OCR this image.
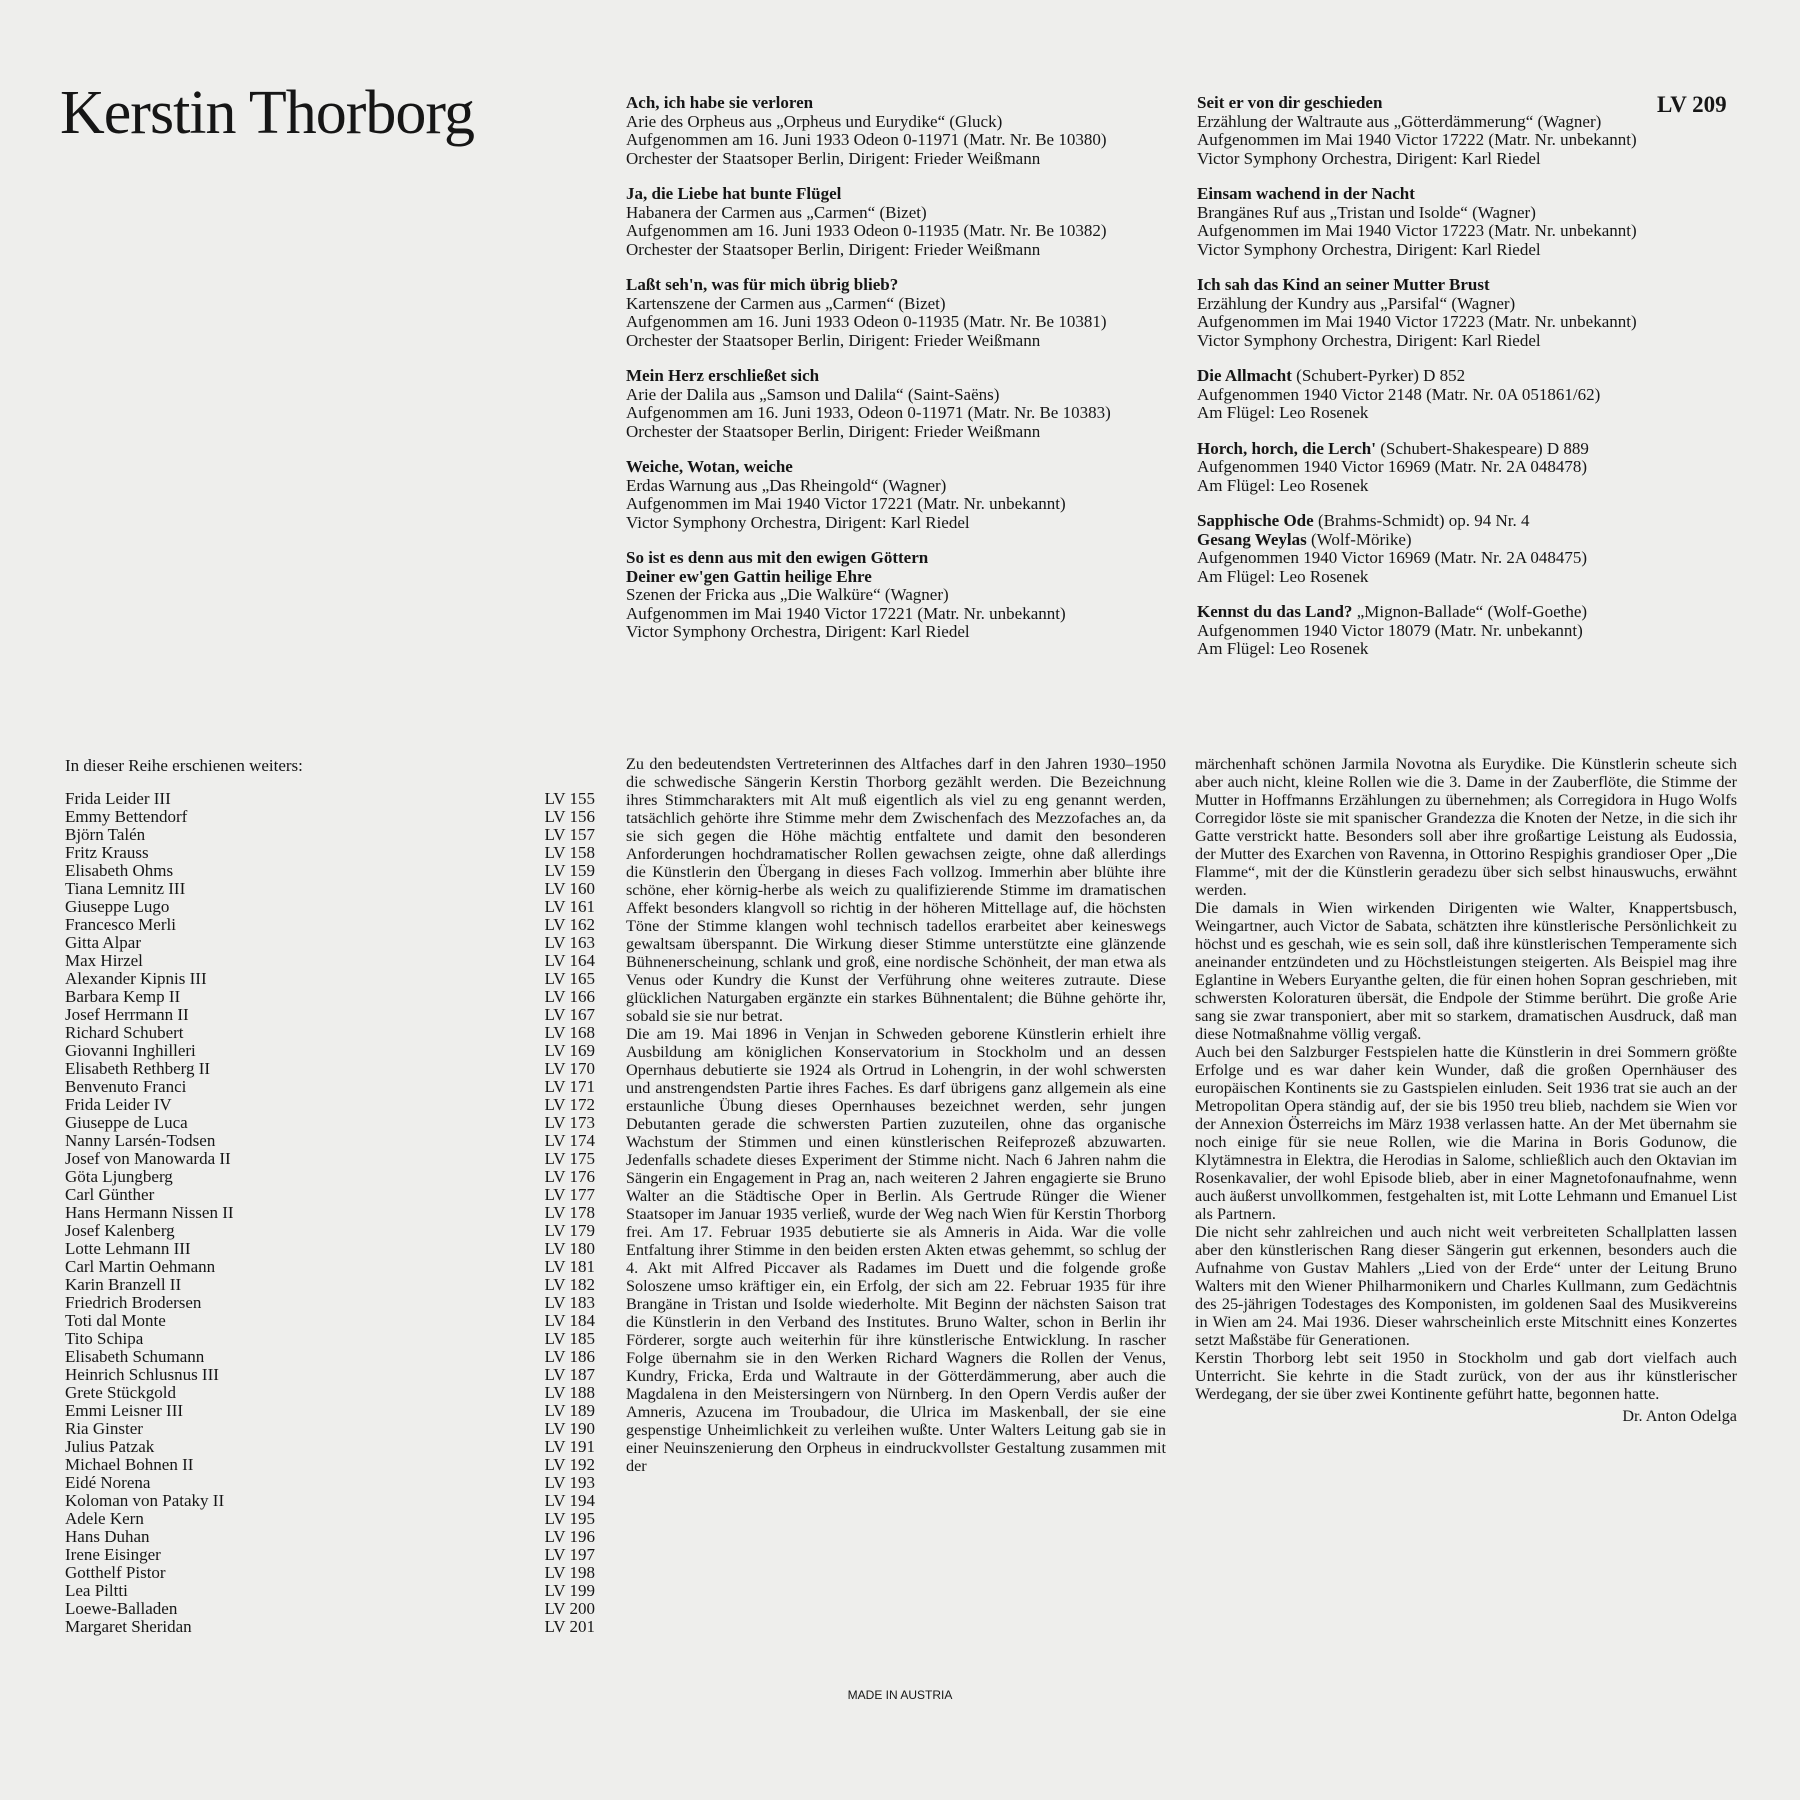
Kerstin Thorborg	LV 209
Ach, ich habe sie verloren
Arie des Orpheus aus „Orpheus und Eurydike“ (Gluck)
Aufgenommen am 16. Juni 1933 Odeon 0-11971 (Matr. Nr. Be 10380)
Orchester der Staatsoper Berlin, Dirigent: Frieder Weißmann
Ja, die Liebe hat bunte Flügel
Habanera der Carmen aus „Carmen“ (Bizet)
Aufgenommen am 16. Juni 1933 Odeon 0-11935 (Matr. Nr. Be 10382)
Orchester der Staatsoper Berlin, Dirigent: Frieder Weißmann
Laßt seh'n, was für mich übrig blieb?
Kartenszene der Carmen aus „Carmen“ (Bizet)
Aufgenommen am 16. Juni 1933 Odeon 0-11935 (Matr. Nr. Be 10381)
Orchester der Staatsoper Berlin, Dirigent: Frieder Weißmann
Mein Herz erschließet sich
Arie der Dalila aus „Samson und Dalila“ (Saint-Saëns)
Aufgenommen am 16. Juni 1933, Odeon 0-11971 (Matr. Nr. Be 10383)
Orchester der Staatsoper Berlin, Dirigent: Frieder Weißmann
Weiche, Wotan, weiche
Erdas Warnung aus „Das Rheingold“ (Wagner)
Aufgenommen im Mai 1940 Victor 17221 (Matr. Nr. unbekannt)
Victor Symphony Orchestra, Dirigent: Karl Riedel
So ist es denn aus mit den ewigen Göttern
Deiner ew'gen Gattin heilige Ehre
Szenen der Fricka aus „Die Walküre“ (Wagner)
Aufgenommen im Mai 1940 Victor 17221 (Matr. Nr. unbekannt)
Victor Symphony Orchestra, Dirigent: Karl Riedel
Seit er von dir geschieden
Erzählung der Waltraute aus „Götterdämmerung“ (Wagner)
Aufgenommen im Mai 1940 Victor 17222 (Matr. Nr. unbekannt)
Victor Symphony Orchestra, Dirigent: Karl Riedel
Einsam wachend in der Nacht
Brangänes Ruf aus „Tristan und Isolde“ (Wagner)
Aufgenommen im Mai 1940 Victor 17223 (Matr. Nr. unbekannt)
Victor Symphony Orchestra, Dirigent: Karl Riedel
Ich sah das Kind an seiner Mutter Brust
Erzählung der Kundry aus „Parsifal“ (Wagner)
Aufgenommen im Mai 1940 Victor 17223 (Matr. Nr. unbekannt)
Victor Symphony Orchestra, Dirigent: Karl Riedel
Die Allmacht (Schubert-Pyrker) D 852
Aufgenommen 1940 Victor 2148 (Matr. Nr. 0A 051861/62)
Am Flügel: Leo Rosenek
Horch, horch, die Lerch' (Schubert-Shakespeare) D 889
Aufgenommen 1940 Victor 16969 (Matr. Nr. 2A 048478)
Am Flügel: Leo Rosenek
Sapphische Ode (Brahms-Schmidt) op. 94 Nr. 4
Gesang Weylas (Wolf-Mörike)
Aufgenommen 1940 Victor 16969 (Matr. Nr. 2A 048475)
Am Flügel: Leo Rosenek
Kennst du das Land? „Mignon-Ballade“ (Wolf-Goethe)
Aufgenommen 1940 Victor 18079 (Matr. Nr. unbekannt)
Am Flügel: Leo Rosenek
In dieser Reihe erschienen weiters:
Frida Leider III	LV 155
Emmy Bettendorf	LV 156
Björn Talén	LV 157
Fritz Krauss	LV 158
Elisabeth Ohms	LV 159
Tiana Lemnitz III	LV 160
Giuseppe Lugo	LV 161
Francesco Merli	LV 162
Gitta Alpar	LV 163
Max Hirzel	LV 164
Alexander Kipnis III	LV 165
Barbara Kemp II	LV 166
Josef Herrmann II	LV 167
Richard Schubert	LV 168
Giovanni Inghilleri	LV 169
Elisabeth Rethberg II	LV 170
Benvenuto Franci	LV 171
Frida Leider IV	LV 172
Giuseppe de Luca	LV 173
Nanny Larsén-Todsen	LV 174
Josef von Manowarda II	LV 175
Göta Ljungberg	LV 176
Carl Günther	LV 177
Hans Hermann Nissen II	LV 178
Josef Kalenberg	LV 179
Lotte Lehmann III	LV 180
Carl Martin Oehmann	LV 181
Karin Branzell II	LV 182
Friedrich Brodersen	LV 183
Toti dal Monte	LV 184
Tito Schipa	LV 185
Elisabeth Schumann	LV 186
Heinrich Schlusnus III	LV 187
Grete Stückgold	LV 188
Emmi Leisner III	LV 189
Ria Ginster	LV 190
Julius Patzak	LV 191
Michael Bohnen II	LV 192
Eidé Norena	LV 193
Koloman von Pataky II	LV 194
Adele Kern	LV 195
Hans Duhan	LV 196
Irene Eisinger	LV 197
Gotthelf Pistor	LV 198
Lea Piltti	LV 199
Loewe-Balladen	LV 200
Margaret Sheridan	LV 201

Zu den bedeutendsten Vertreterinnen des Altfaches darf in den Jahren 1930–1950 die schwedische Sängerin Kerstin Thorborg gezählt werden. Die Bezeichnung ihres Stimmcharakters mit Alt muß eigentlich als viel zu eng genannt werden, tatsächlich gehörte ihre Stimme mehr dem Zwischenfach des Mezzofaches an, da sie sich gegen die Höhe mächtig entfaltete und damit den besonderen Anforderungen hochdramatischer Rollen gewachsen zeigte, ohne daß allerdings die Künstlerin den Übergang in dieses Fach vollzog. Immerhin aber blühte ihre schöne, eher körnig-herbe als weich zu qualifizierende Stimme im dramatischen Affekt besonders klangvoll so richtig in der höheren Mittellage auf, die höchsten Töne der Stimme klangen wohl technisch tadellos erarbeitet aber keineswegs gewaltsam überspannt. Die Wirkung dieser Stimme unterstützte eine glänzende Bühnenerscheinung, schlank und groß, eine nordische Schönheit, der man etwa als Venus oder Kundry die Kunst der Verführung ohne weiteres zutraute. Diese glücklichen Naturgaben ergänzte ein starkes Bühnentalent; die Bühne gehörte ihr, sobald sie sie nur betrat.

Die am 19. Mai 1896 in Venjan in Schweden geborene Künstlerin erhielt ihre Ausbildung am königlichen Konservatorium in Stockholm und an dessen Opernhaus debutierte sie 1924 als Ortrud in Lohengrin, in der wohl schwersten und anstrengendsten Partie ihres Faches. Es darf übrigens ganz allgemein als eine erstaunliche Übung dieses Opernhauses bezeichnet werden, sehr jungen Debutanten gerade die schwersten Partien zuzuteilen, ohne das organische Wachstum der Stimmen und einen künstlerischen Reifeprozeß abzuwarten. Jedenfalls schadete dieses Experiment der Stimme nicht. Nach 6 Jahren nahm die Sängerin ein Engagement in Prag an, nach weiteren 2 Jahren engagierte sie Bruno Walter an die Städtische Oper in Berlin. Als Gertrude Rünger die Wiener Staatsoper im Januar 1935 verließ, wurde der Weg nach Wien für Kerstin Thorborg frei. Am 17. Februar 1935 debutierte sie als Amneris in Aida. War die volle Entfaltung ihrer Stimme in den beiden ersten Akten etwas gehemmt, so schlug der 4. Akt mit Alfred Piccaver als Radames im Duett und die folgende große Soloszene umso kräftiger ein, ein Erfolg, der sich am 22. Februar 1935 für ihre Brangäne in Tristan und Isolde wiederholte. Mit Beginn der nächsten Saison trat die Künstlerin in den Verband des Institutes. Bruno Walter, schon in Berlin ihr Förderer, sorgte auch weiterhin für ihre künstlerische Entwicklung. In rascher Folge übernahm sie in den Werken Richard Wagners die Rollen der Venus, Kundry, Fricka, Erda und Waltraute in der Götterdämmerung, aber auch die Magdalena in den Meistersingern von Nürnberg. In den Opern Verdis außer der Amneris, Azucena im Troubadour, die Ulrica im Maskenball, der sie eine gespenstige Unheimlichkeit zu verleihen wußte. Unter Walters Leitung gab sie in einer Neuinszenierung den Orpheus in eindruckvollster Gestaltung zusammen mit der

märchenhaft schönen Jarmila Novotna als Eurydike. Die Künstlerin scheute sich aber auch nicht, kleine Rollen wie die 3. Dame in der Zauberflöte, die Stimme der Mutter in Hoffmanns Erzählungen zu übernehmen; als Corregidora in Hugo Wolfs Corregidor löste sie mit spanischer Grandezza die Knoten der Netze, in die sich ihr Gatte verstrickt hatte. Besonders soll aber ihre großartige Leistung als Eudossia, der Mutter des Exarchen von Ravenna, in Ottorino Respighis grandioser Oper „Die Flamme“, mit der die Künstlerin geradezu über sich selbst hinauswuchs, erwähnt werden.

Die damals in Wien wirkenden Dirigenten wie Walter, Knappertsbusch, Weingartner, auch Victor de Sabata, schätzten ihre künstlerische Persönlichkeit zu höchst und es geschah, wie es sein soll, daß ihre künstlerischen Temperamente sich aneinander entzündeten und zu Höchstleistungen steigerten. Als Beispiel mag ihre Eglantine in Webers Euryanthe gelten, die für einen hohen Sopran geschrieben, mit schwersten Koloraturen übersät, die Endpole der Stimme berührt. Die große Arie sang sie zwar transponiert, aber mit so starkem, dramatischen Ausdruck, daß man diese Notmaßnahme völlig vergaß.

Auch bei den Salzburger Festspielen hatte die Künstlerin in drei Sommern größte Erfolge und es war daher kein Wunder, daß die großen Opernhäuser des europäischen Kontinents sie zu Gastspielen einluden. Seit 1936 trat sie auch an der Metropolitan Opera ständig auf, der sie bis 1950 treu blieb, nachdem sie Wien vor der Annexion Österreichs im März 1938 verlassen hatte. An der Met übernahm sie noch einige für sie neue Rollen, wie die Marina in Boris Godunow, die Klytämnestra in Elektra, die Herodias in Salome, schließlich auch den Oktavian im Rosenkavalier, der wohl Episode blieb, aber in einer Magnetofonaufnahme, wenn auch äußerst unvollkommen, festgehalten ist, mit Lotte Lehmann und Emanuel List als Partnern.

Die nicht sehr zahlreichen und auch nicht weit verbreiteten Schallplatten lassen aber den künstlerischen Rang dieser Sängerin gut erkennen, besonders auch die Aufnahme von Gustav Mahlers „Lied von der Erde“ unter der Leitung Bruno Walters mit den Wiener Philharmonikern und Charles Kullmann, zum Gedächtnis des 25-jährigen Todestages des Komponisten, im goldenen Saal des Musikvereins in Wien am 24. Mai 1936. Dieser wahrscheinlich erste Mitschnitt eines Konzertes setzt Maßstäbe für Generationen.

Kerstin Thorborg lebt seit 1950 in Stockholm und gab dort vielfach auch Unterricht. Sie kehrte in die Stadt zurück, von der aus ihr künstlerischer Werdegang, der sie über zwei Kontinente geführt hatte, begonnen hatte.

Dr. Anton Odelga
MADE IN AUSTRIA
